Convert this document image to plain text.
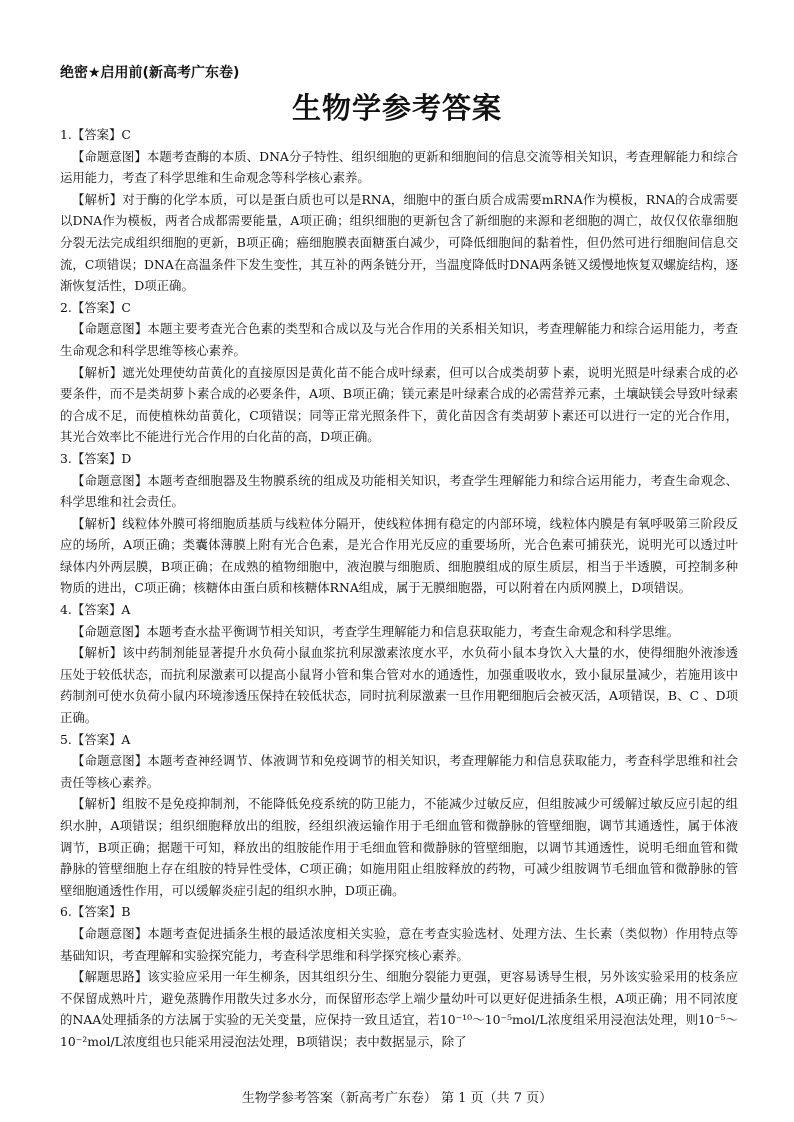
绝密★启用前(新高考广东卷)
生物学参考答案

1.【答案】C

【命题意图】本题考查酶的本质、DNA分子特性、组织细胞的更新和细胞间的信息交流等相关知识，考查理解能力和综合运用能力，考查了科学思维和生命观念等科学核心素养。

【解析】对于酶的化学本质，可以是蛋白质也可以是RNA，细胞中的蛋白质合成需要mRNA作为模板，RNA的合成需要以DNA作为模板，两者合成都需要能量，A项正确；组织细胞的更新包含了新细胞的来源和老细胞的凋亡，故仅仅依靠细胞分裂无法完成组织细胞的更新，B项正确；癌细胞膜表面糖蛋白减少，可降低细胞间的黏着性，但仍然可进行细胞间信息交流，C项错误；DNA在高温条件下发生变性，其互补的两条链分开，当温度降低时DNA两条链又缓慢地恢复双螺旋结构，逐渐恢复活性，D项正确。

2.【答案】C

【命题意图】本题主要考查光合色素的类型和合成以及与光合作用的关系相关知识，考查理解能力和综合运用能力，考查生命观念和科学思维等核心素养。

【解析】遮光处理使幼苗黄化的直接原因是黄化苗不能合成叶绿素，但可以合成类胡萝卜素，说明光照是叶绿素合成的必要条件，而不是类胡萝卜素合成的必要条件，A项、B项正确；镁元素是叶绿素合成的必需营养元素，土壤缺镁会导致叶绿素的合成不足，而使植株幼苗黄化，C项错误；同等正常光照条件下，黄化苗因含有类胡萝卜素还可以进行一定的光合作用，其光合效率比不能进行光合作用的白化苗的高，D项正确。

3.【答案】D

【命题意图】本题考查细胞器及生物膜系统的组成及功能相关知识，考查学生理解能力和综合运用能力，考查生命观念、科学思维和社会责任。

【解析】线粒体外膜可将细胞质基质与线粒体分隔开，使线粒体拥有稳定的内部环境，线粒体内膜是有氧呼吸第三阶段反应的场所，A项正确；类囊体薄膜上附有光合色素，是光合作用光反应的重要场所，光合色素可捕获光，说明光可以透过叶绿体内外两层膜，B项正确；在成熟的植物细胞中，液泡膜与细胞质、细胞膜组成的原生质层，相当于半透膜，可控制多种物质的进出，C项正确；核糖体由蛋白质和核糖体RNA组成，属于无膜细胞器，可以附着在内质网膜上，D项错误。

4.【答案】A

【命题意图】本题考查水盐平衡调节相关知识，考查学生理解能力和信息获取能力，考查生命观念和科学思维。

【解析】该中药制剂能显著提升水负荷小鼠血浆抗利尿激素浓度水平，水负荷小鼠本身饮入大量的水，使得细胞外液渗透压处于较低状态，而抗利尿激素可以提高小鼠肾小管和集合管对水的通透性，加强重吸收水，致小鼠尿量减少，若施用该中药制剂可使水负荷小鼠内环境渗透压保持在较低状态，同时抗利尿激素一旦作用靶细胞后会被灭活，A项错误，B、C 、D项正确。

5.【答案】A

【命题意图】本题考查神经调节、体液调节和免疫调节的相关知识，考查理解能力和信息获取能力，考查科学思维和社会责任等核心素养。

【解析】组胺不是免疫抑制剂，不能降低免疫系统的防卫能力，不能减少过敏反应，但组胺减少可缓解过敏反应引起的组织水肿，A项错误；组织细胞释放出的组胺，经组织液运输作用于毛细血管和微静脉的管壁细胞，调节其通透性，属于体液调节，B项正确；据题干可知，释放出的组胺能作用于毛细血管和微静脉的管壁细胞，以调节其通透性，说明毛细血管和微静脉的管壁细胞上存在组胺的特异性受体，C项正确；如施用阻止组胺释放的药物，可减少组胺调节毛细血管和微静脉的管壁细胞通透性作用，可以缓解炎症引起的组织水肿，D项正确。

6.【答案】B

【命题意图】本题考查促进插条生根的最适浓度相关实验，意在考查实验选材、处理方法、生长素（类似物）作用特点等基础知识，考查理解和实验探究能力，考查科学思维和科学探究核心素养。

【解题思路】该实验应采用一年生柳条，因其组织分生、细胞分裂能力更强，更容易诱导生根，另外该实验采用的枝条应不保留成熟叶片，避免蒸腾作用散失过多水分，而保留形态学上端少量幼叶可以更好促进插条生根，A项正确；用不同浓度的NAA处理插条的方法属于实验的无关变量，应保持一致且适宜，若10⁻¹⁰～10⁻⁵mol/L浓度组采用浸泡法处理，则10⁻⁵～10⁻²mol/L浓度组也只能采用浸泡法处理，B项错误；表中数据显示，除了

生物学参考答案（新高考广东卷） 第 1 页（共 7 页）
